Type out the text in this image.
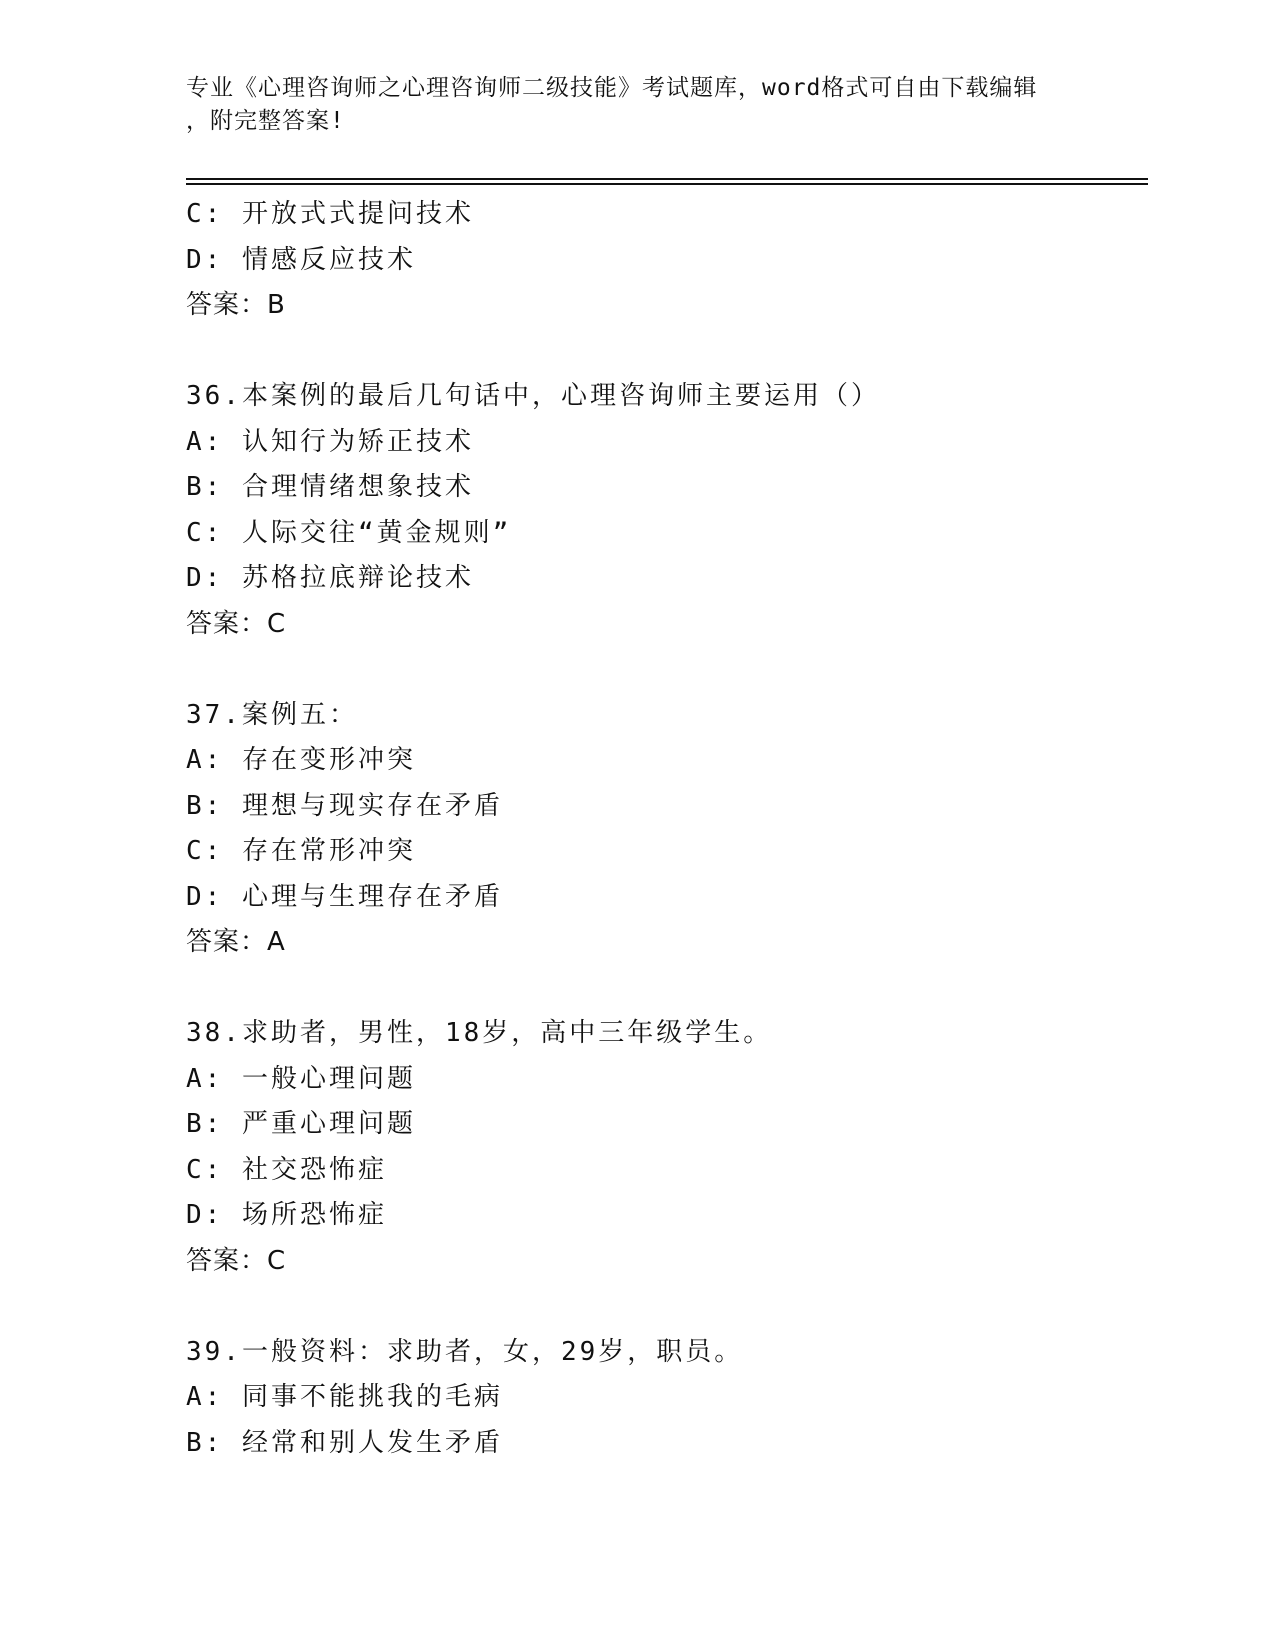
专业《心理咨询师之心理咨询师二级技能》考试题库，word格式可自由下载编辑
，附完整答案!
C: 开放式式提问技术
D: 情感反应技术
答案：B
36.本案例的最后几句话中，心理咨询师主要运用（）
A: 认知行为矫正技术
B: 合理情绪想象技术
C: 人际交往“黄金规则”
D: 苏格拉底辩论技术
答案：C
37.案例五：
A: 存在变形冲突
B: 理想与现实存在矛盾
C: 存在常形冲突
D: 心理与生理存在矛盾
答案：A
38.求助者，男性，18岁，高中三年级学生。
A: 一般心理问题
B: 严重心理问题
C: 社交恐怖症
D: 场所恐怖症
答案：C
39.一般资料：求助者，女，29岁，职员。
A: 同事不能挑我的毛病
B: 经常和别人发生矛盾
